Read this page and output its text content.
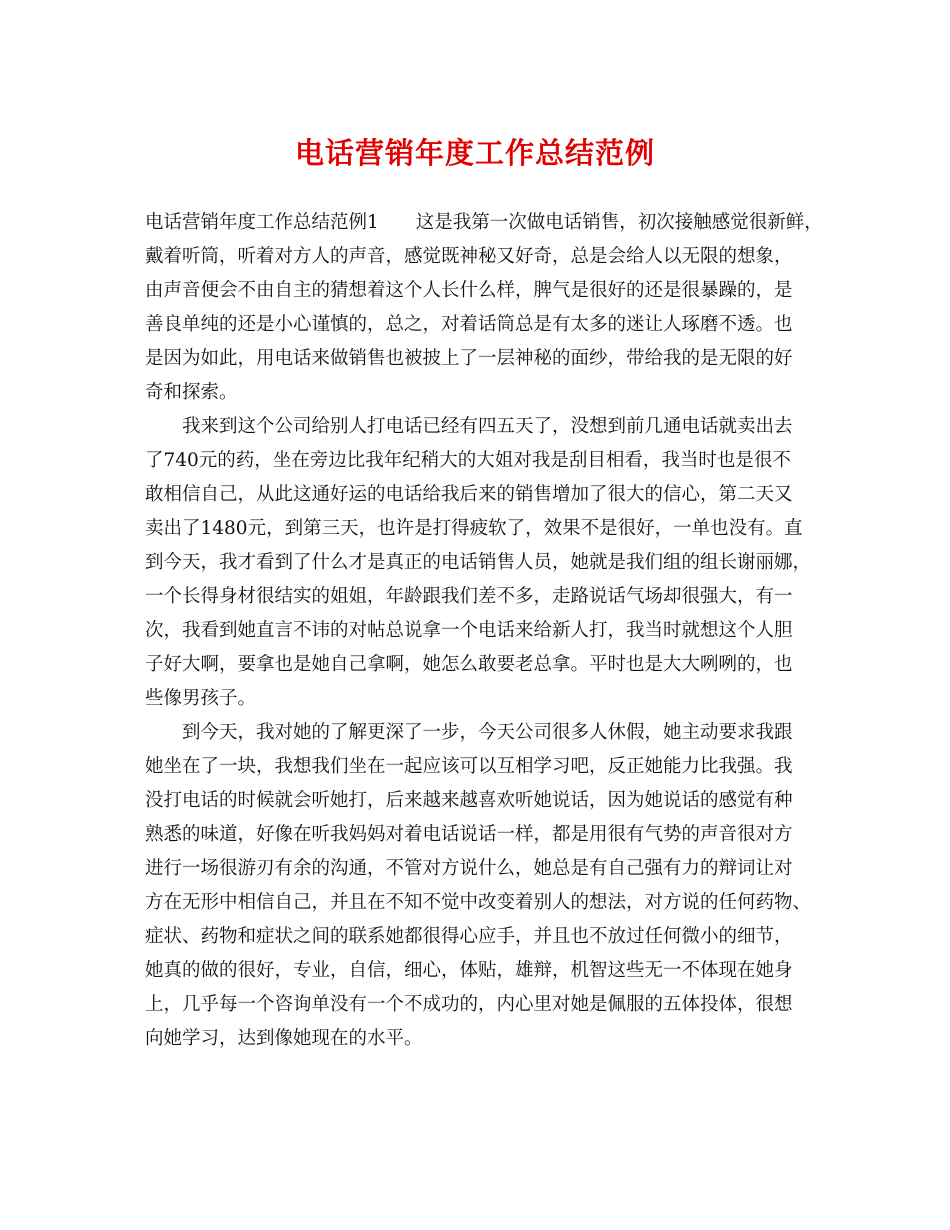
电话营销年度工作总结范例
电话营销年度工作总结范例1　　这是我第一次做电话销售，初次接触感觉很新鲜，
戴着听筒，听着对方人的声音，感觉既神秘又好奇，总是会给人以无限的想象，
由声音便会不由自主的猜想着这个人长什么样，脾气是很好的还是很暴躁的，是
善良单纯的还是小心谨慎的，总之，对着话筒总是有太多的迷让人琢磨不透。也
是因为如此，用电话来做销售也被披上了一层神秘的面纱，带给我的是无限的好
奇和探索。
我来到这个公司给别人打电话已经有四五天了，没想到前几通电话就卖出去
了740元的药，坐在旁边比我年纪稍大的大姐对我是刮目相看，我当时也是很不
敢相信自己，从此这通好运的电话给我后来的销售增加了很大的信心，第二天又
卖出了1480元，到第三天，也许是打得疲软了，效果不是很好，一单也没有。直
到今天，我才看到了什么才是真正的电话销售人员，她就是我们组的组长谢丽娜，
一个长得身材很结实的姐姐，年龄跟我们差不多，走路说话气场却很强大，有一
次，我看到她直言不讳的对帖总说拿一个电话来给新人打，我当时就想这个人胆
子好大啊，要拿也是她自己拿啊，她怎么敢要老总拿。平时也是大大咧咧的，也
些像男孩子。
到今天，我对她的了解更深了一步，今天公司很多人休假，她主动要求我跟
她坐在了一块，我想我们坐在一起应该可以互相学习吧，反正她能力比我强。我
没打电话的时候就会听她打，后来越来越喜欢听她说话，因为她说话的感觉有种
熟悉的味道，好像在听我妈妈对着电话说话一样，都是用很有气势的声音很对方
进行一场很游刃有余的沟通，不管对方说什么，她总是有自己强有力的辩词让对
方在无形中相信自己，并且在不知不觉中改变着别人的想法，对方说的任何药物、
症状、药物和症状之间的联系她都很得心应手，并且也不放过任何微小的细节，
她真的做的很好，专业，自信，细心，体贴，雄辩，机智这些无一不体现在她身
上，几乎每一个咨询单没有一个不成功的，内心里对她是佩服的五体投体，很想
向她学习，达到像她现在的水平。
